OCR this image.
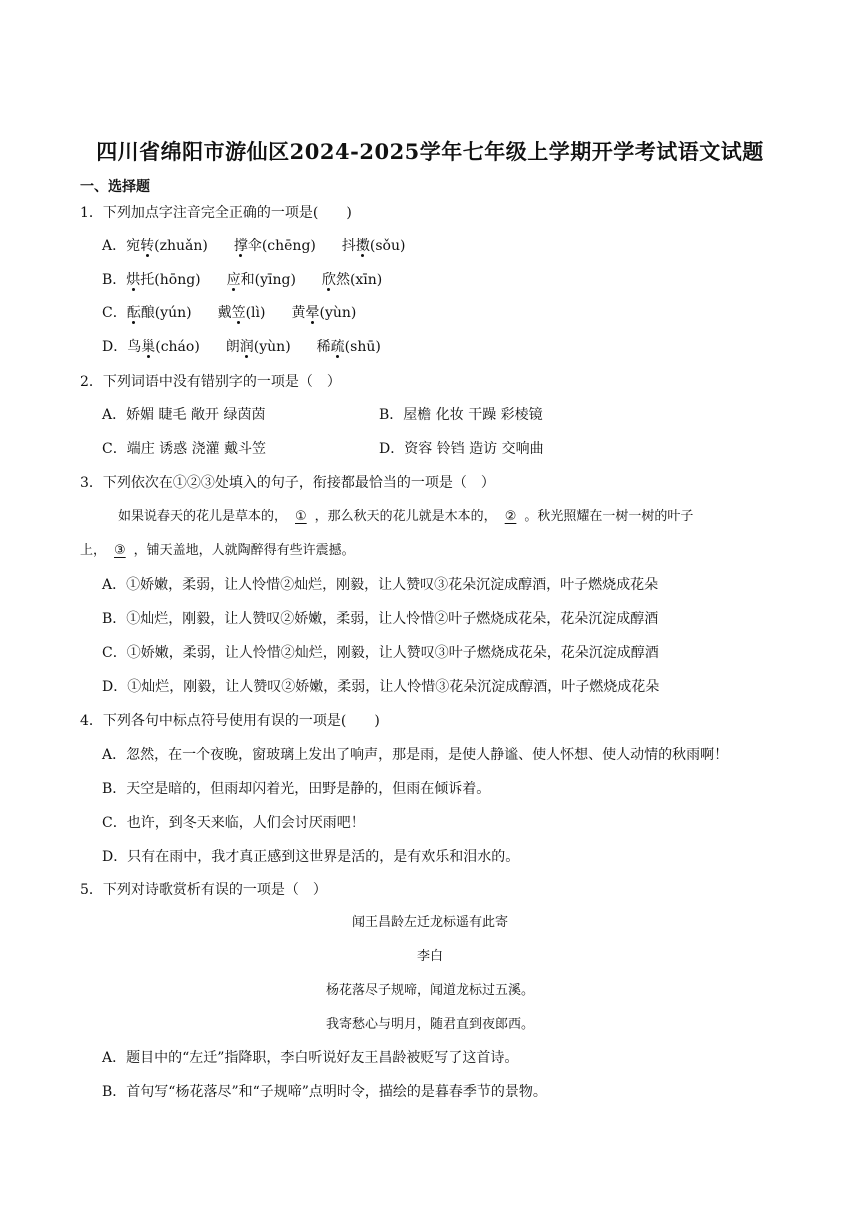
四川省绵阳市游仙区2024-2025学年七年级上学期开学考试语文试题
一、选择题
1．下列加点字注音完全正确的一项是(　　)
A．宛转(zhuǎn) 撑伞(chēng) 抖擞(sǒu)
B．烘托(hōng) 应和(yīng) 欣然(xīn)
C．酝酿(yún) 戴笠(lì) 黄晕(yùn)
D．鸟巢(cháo) 朗润(yùn) 稀疏(shū)
2．下列词语中没有错别字的一项是（　）
A．娇媚 睫毛 敞开 绿茵茵	B．屋檐 化妆 干躁 彩棱镜
C．端庄 诱惑 浇灌 戴斗笠	D．资容 铃铛 造访 交响曲
3．下列依次在①②③处填入的句子，衔接都最恰当的一项是（　）
如果说春天的花儿是草本的， ① ，那么秋天的花儿就是木本的， ② 。秋光照耀在一树一树的叶子
上， ③ ，铺天盖地，人就陶醉得有些许震撼。
A．①娇嫩，柔弱，让人怜惜②灿烂，刚毅，让人赞叹③花朵沉淀成醇酒，叶子燃烧成花朵
B．①灿烂，刚毅，让人赞叹②娇嫩，柔弱，让人怜惜②叶子燃烧成花朵，花朵沉淀成醇酒
C．①娇嫩，柔弱，让人怜惜②灿烂，刚毅，让人赞叹③叶子燃烧成花朵，花朵沉淀成醇酒
D．①灿烂，刚毅，让人赞叹②娇嫩，柔弱，让人怜惜③花朵沉淀成醇酒，叶子燃烧成花朵
4．下列各句中标点符号使用有误的一项是(　　)
A．忽然，在一个夜晚，窗玻璃上发出了响声，那是雨，是使人静谧、使人怀想、使人动情的秋雨啊！
B．天空是暗的，但雨却闪着光，田野是静的，但雨在倾诉着。
C．也许，到冬天来临，人们会讨厌雨吧！
D．只有在雨中，我才真正感到这世界是活的，是有欢乐和泪水的。
5．下列对诗歌赏析有误的一项是（　）
闻王昌龄左迁龙标遥有此寄
李白
杨花落尽子规啼，闻道龙标过五溪。
我寄愁心与明月，随君直到夜郎西。
A．题目中的“左迁”指降职，李白听说好友王昌龄被贬写了这首诗。
B．首句写“杨花落尽”和“子规啼”点明时令，描绘的是暮春季节的景物。
